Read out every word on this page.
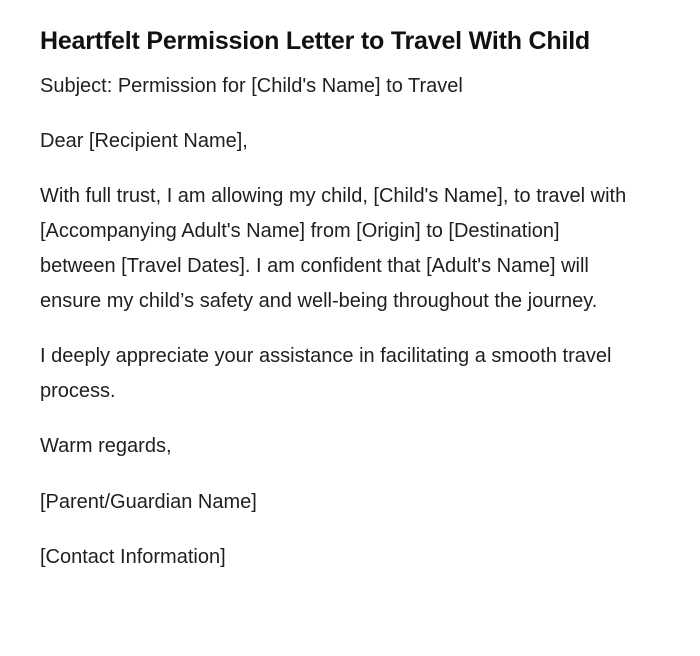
Heartfelt Permission Letter to Travel With Child

Subject: Permission for [Child's Name] to Travel

Dear [Recipient Name],

With full trust, I am allowing my child, [Child's Name], to travel with [Accompanying Adult's Name] from [Origin] to [Destination] between [Travel Dates]. I am confident that [Adult's Name] will ensure my child’s safety and well-being throughout the journey.

I deeply appreciate your assistance in facilitating a smooth travel process.

Warm regards,

[Parent/Guardian Name]

[Contact Information]
